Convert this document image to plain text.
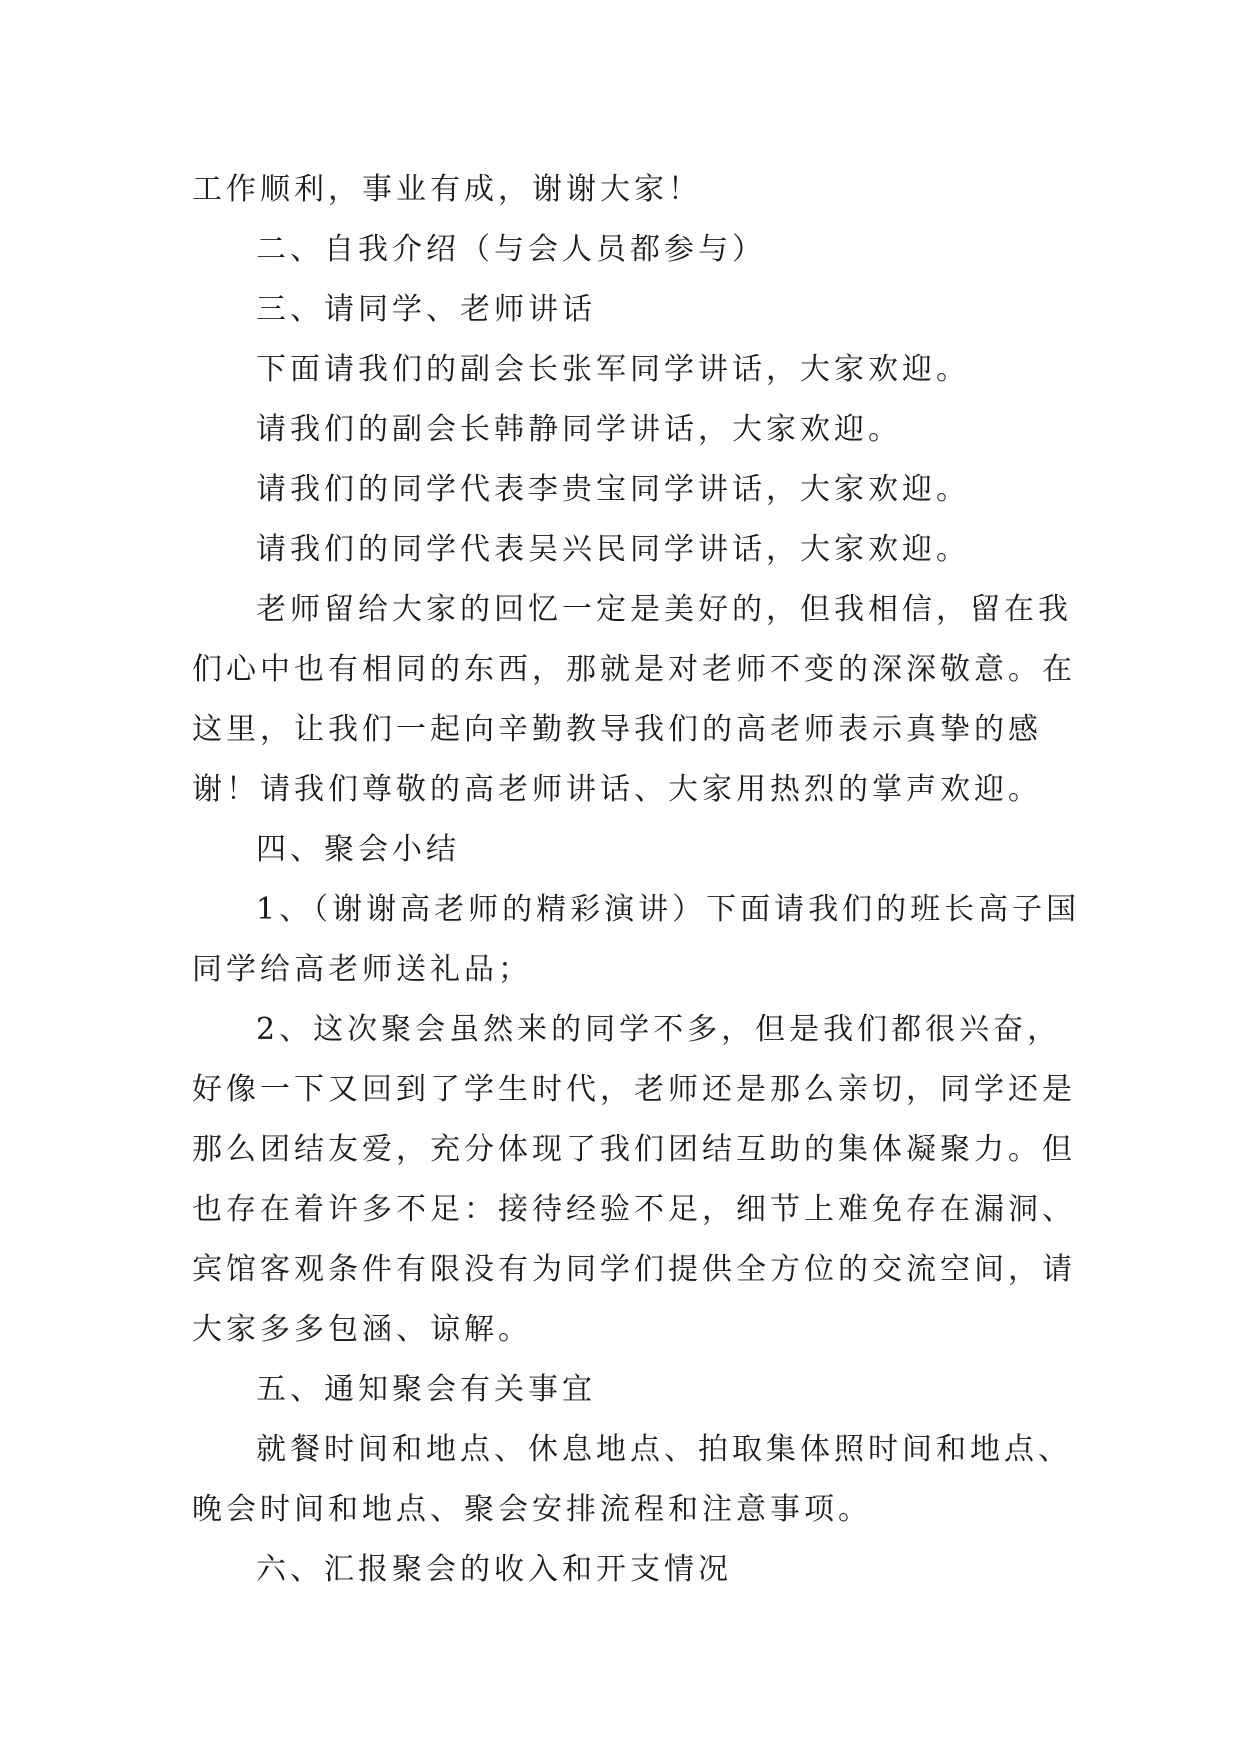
工作顺利，事业有成，谢谢大家！
二、自我介绍（与会人员都参与）
三、请同学、老师讲话
下面请我们的副会长张军同学讲话，大家欢迎。
请我们的副会长韩静同学讲话，大家欢迎。
请我们的同学代表李贵宝同学讲话，大家欢迎。
请我们的同学代表吴兴民同学讲话，大家欢迎。
老师留给大家的回忆一定是美好的，但我相信，留在我
们心中也有相同的东西，那就是对老师不变的深深敬意。在
这里，让我们一起向辛勤教导我们的高老师表示真挚的感
谢！请我们尊敬的高老师讲话、大家用热烈的掌声欢迎。
四、聚会小结
1、（谢谢高老师的精彩演讲）下面请我们的班长高子国
同学给高老师送礼品；
2、这次聚会虽然来的同学不多，但是我们都很兴奋，
好像一下又回到了学生时代，老师还是那么亲切，同学还是
那么团结友爱，充分体现了我们团结互助的集体凝聚力。但
也存在着许多不足：接待经验不足，细节上难免存在漏洞、
宾馆客观条件有限没有为同学们提供全方位的交流空间，请
大家多多包涵、谅解。
五、通知聚会有关事宜
就餐时间和地点、休息地点、拍取集体照时间和地点、
晚会时间和地点、聚会安排流程和注意事项。
六、汇报聚会的收入和开支情况
